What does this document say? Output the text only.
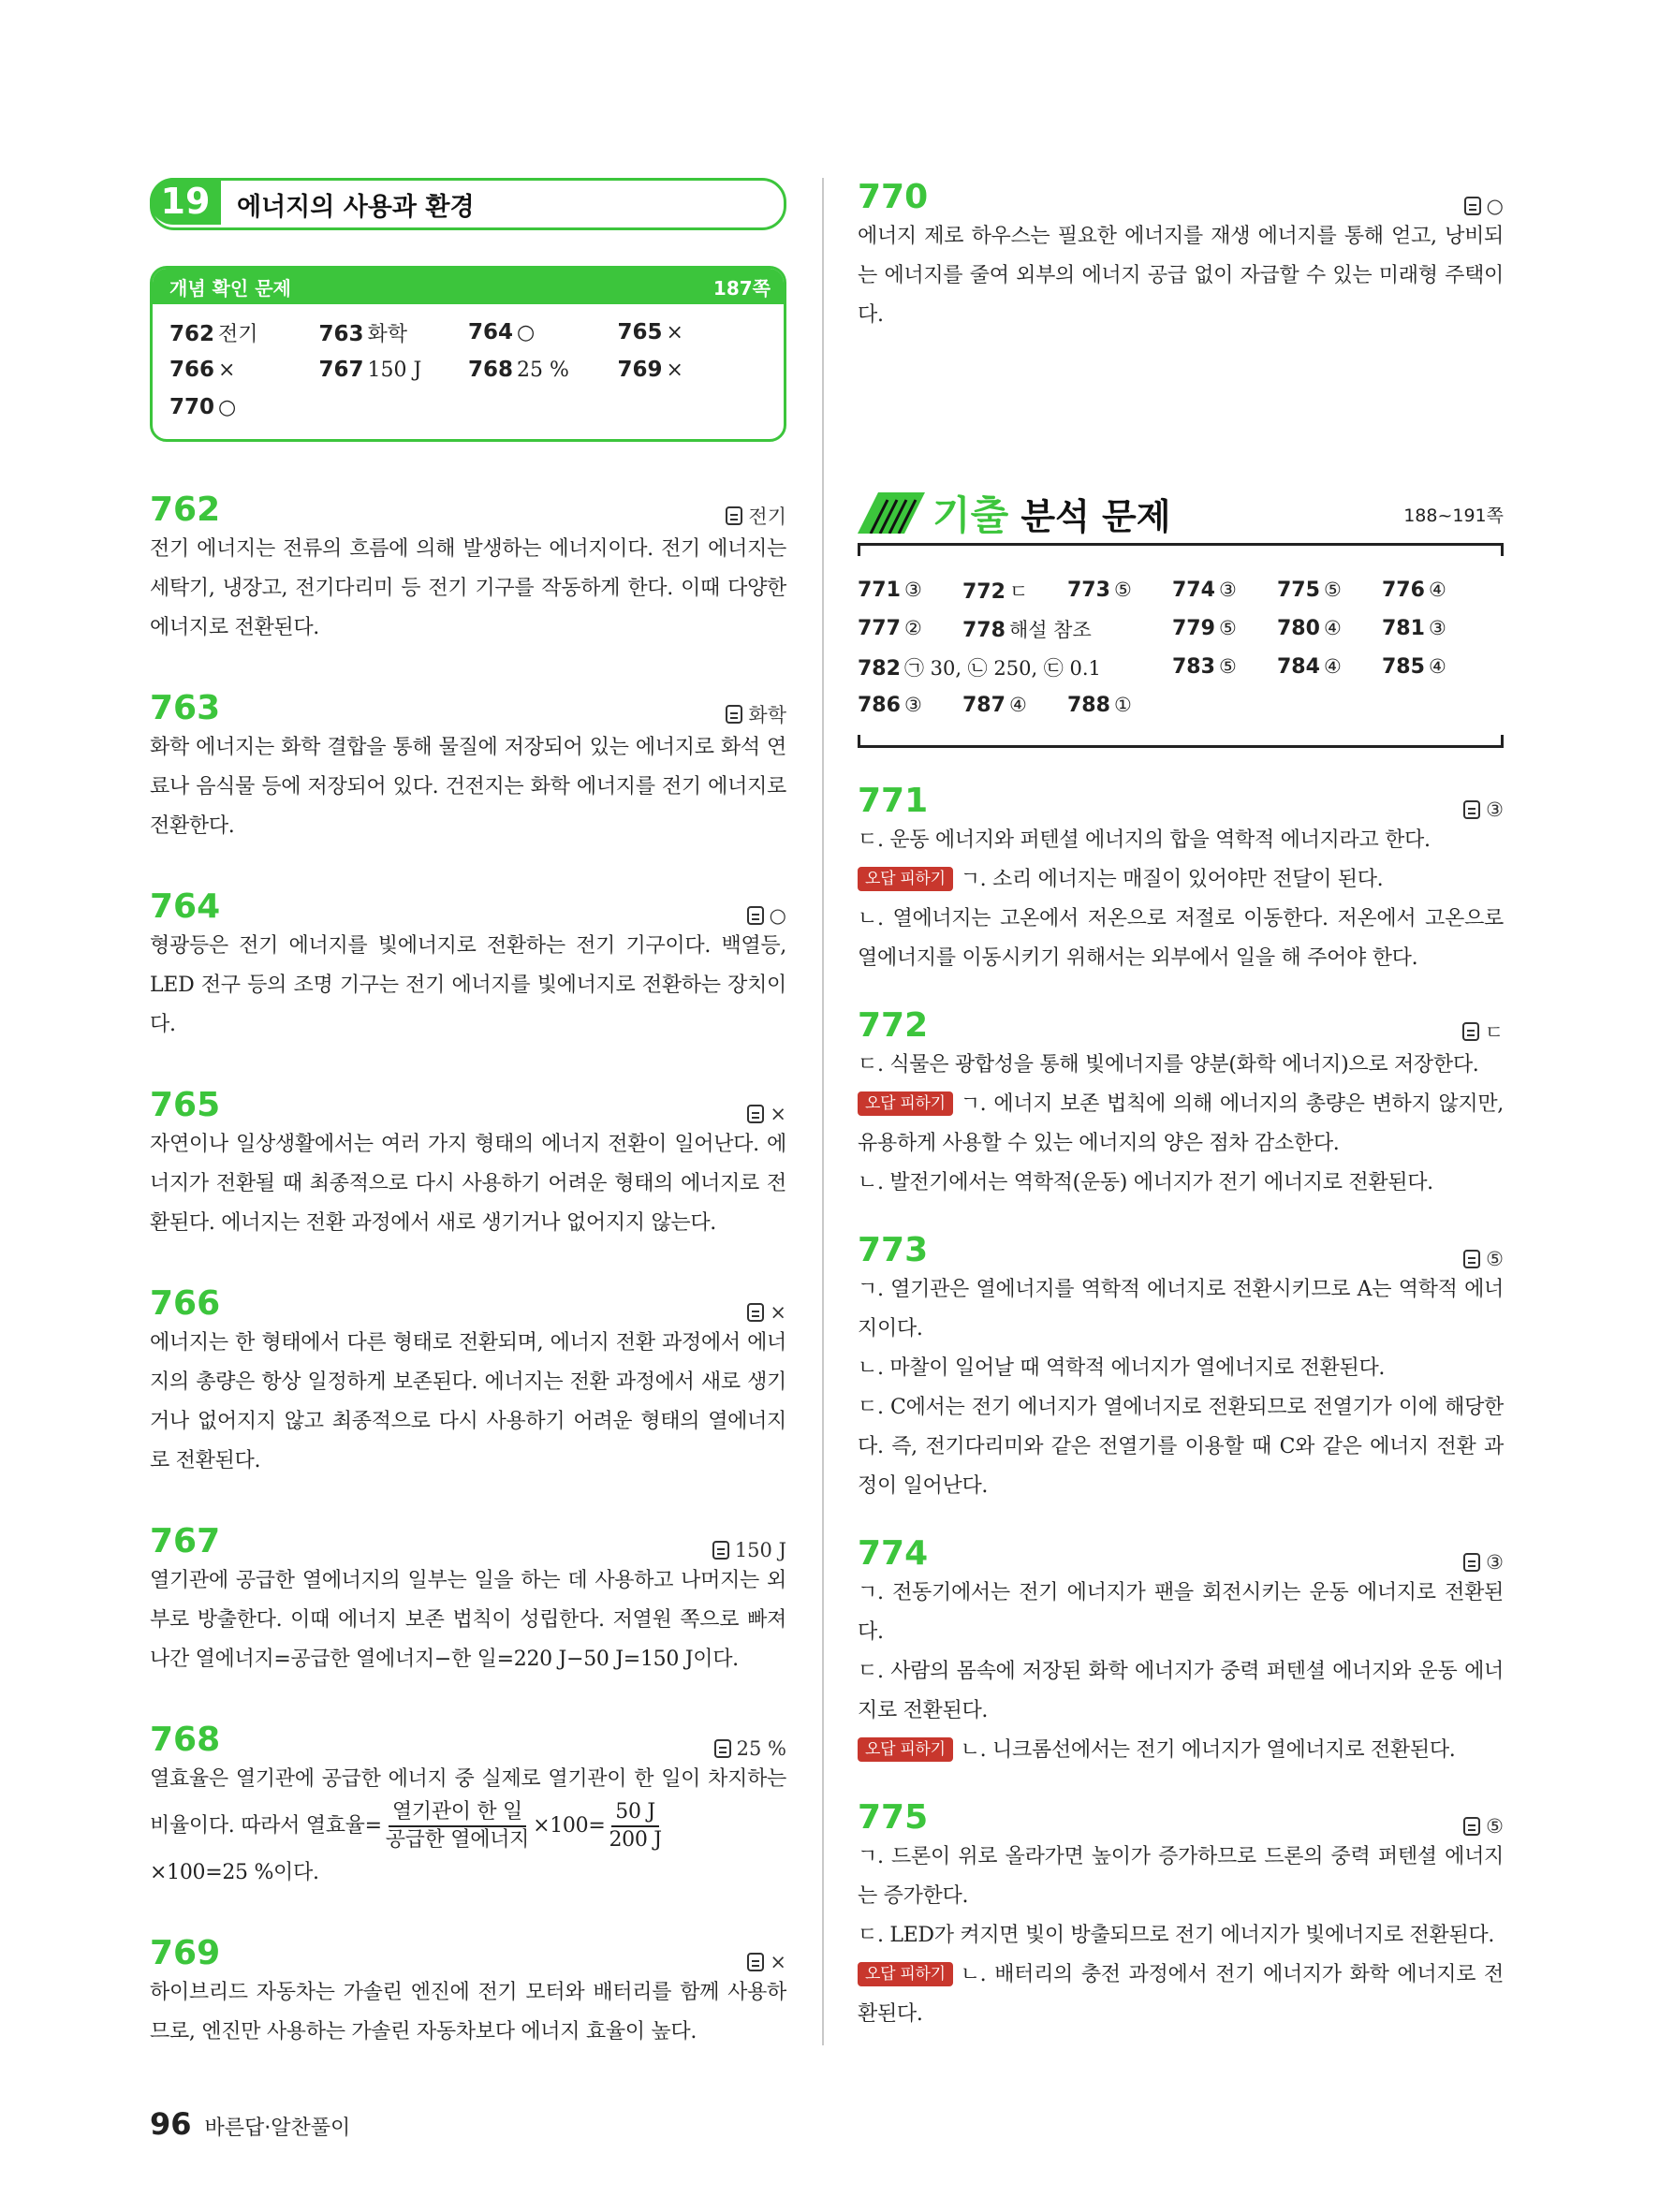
19	에너지의 사용과 환경
개념 확인 문제	187쪽
762 전기	763 화학	764 ○	765 ×
766 ×	767 150 J	768 25 %	769 ×
770 ○
762	전기
전기 에너지는 전류의 흐름에 의해 발생하는 에너지이다. 전기 에너지는 세탁기, 냉장고, 전기다리미 등 전기 기구를 작동하게 한다. 이때 다양한 에너지로 전환된다.
763	화학
화학 에너지는 화학 결합을 통해 물질에 저장되어 있는 에너지로 화석 연료나 음식물 등에 저장되어 있다. 건전지는 화학 에너지를 전기 에너지로 전환한다.
764	○
형광등은 전기 에너지를 빛에너지로 전환하는 전기 기구이다. 백열등, LED 전구 등의 조명 기구는 전기 에너지를 빛에너지로 전환하는 장치이다.
765	×
자연이나 일상생활에서는 여러 가지 형태의 에너지 전환이 일어난다. 에너지가 전환될 때 최종적으로 다시 사용하기 어려운 형태의 에너지로 전환된다. 에너지는 전환 과정에서 새로 생기거나 없어지지 않는다.
766	×
에너지는 한 형태에서 다른 형태로 전환되며, 에너지 전환 과정에서 에너지의 총량은 항상 일정하게 보존된다. 에너지는 전환 과정에서 새로 생기거나 없어지지 않고 최종적으로 다시 사용하기 어려운 형태의 열에너지로 전환된다.
767	150 J
열기관에 공급한 열에너지의 일부는 일을 하는 데 사용하고 나머지는 외부로 방출한다. 이때 에너지 보존 법칙이 성립한다. 저열원 쪽으로 빠져나간 열에너지=공급한 열에너지−한 일=220 J−50 J=150 J이다.
768	25 %
열효율은 열기관에 공급한 에너지 중 실제로 열기관이 한 일이 차지하는 비율이다. 따라서 열효율= $\frac{\text{열기관이 한 일}}{\text{공급한 열에너지}} \times 100= \frac{50 J}{200 J}$

×100=25 %이다.
769	×
하이브리드 자동차는 가솔린 엔진에 전기 모터와 배터리를 함께 사용하므로, 엔진만 사용하는 가솔린 자동차보다 에너지 효율이 높다.
770	○
에너지 제로 하우스는 필요한 에너지를 재생 에너지를 통해 얻고, 낭비되는 에너지를 줄여 외부의 에너지 공급 없이 자급할 수 있는 미래형 주택이다.
기출 분석 문제	188~191쪽
771 ③	772 ㄷ	773 ⑤	774 ③	775 ⑤	776 ④
777 ②	778 해설 참조	779 ⑤	780 ④	781 ③
782 ㉠ 30, ㉡ 250, ㉢ 0.1	783 ⑤	784 ④	785 ④
786 ③	787 ④	788 ①
771	③

ㄷ. 운동 에너지와 퍼텐셜 에너지의 합을 역학적 에너지라고 한다.

오답 피하기 ㄱ. 소리 에너지는 매질이 있어야만 전달이 된다.

ㄴ. 열에너지는 고온에서 저온으로 저절로 이동한다. 저온에서 고온으로 열에너지를 이동시키기 위해서는 외부에서 일을 해 주어야 한다.

772	ㄷ

ㄷ. 식물은 광합성을 통해 빛에너지를 양분(화학 에너지)으로 저장한다.

오답 피하기 ㄱ. 에너지 보존 법칙에 의해 에너지의 총량은 변하지 않지만, 유용하게 사용할 수 있는 에너지의 양은 점차 감소한다.

ㄴ. 발전기에서는 역학적(운동) 에너지가 전기 에너지로 전환된다.

773	⑤

ㄱ. 열기관은 열에너지를 역학적 에너지로 전환시키므로 A는 역학적 에너지이다.

ㄴ. 마찰이 일어날 때 역학적 에너지가 열에너지로 전환된다.

ㄷ. C에서는 전기 에너지가 열에너지로 전환되므로 전열기가 이에 해당한다. 즉, 전기다리미와 같은 전열기를 이용할 때 C와 같은 에너지 전환 과정이 일어난다.

774	③

ㄱ. 전동기에서는 전기 에너지가 팬을 회전시키는 운동 에너지로 전환된다.

ㄷ. 사람의 몸속에 저장된 화학 에너지가 중력 퍼텐셜 에너지와 운동 에너지로 전환된다.

오답 피하기 ㄴ. 니크롬선에서는 전기 에너지가 열에너지로 전환된다.

775	⑤

ㄱ. 드론이 위로 올라가면 높이가 증가하므로 드론의 중력 퍼텐셜 에너지는 증가한다.

ㄷ. LED가 켜지면 빛이 방출되므로 전기 에너지가 빛에너지로 전환된다.

오답 피하기 ㄴ. 배터리의 충전 과정에서 전기 에너지가 화학 에너지로 전환된다.

96 바른답·알찬풀이
